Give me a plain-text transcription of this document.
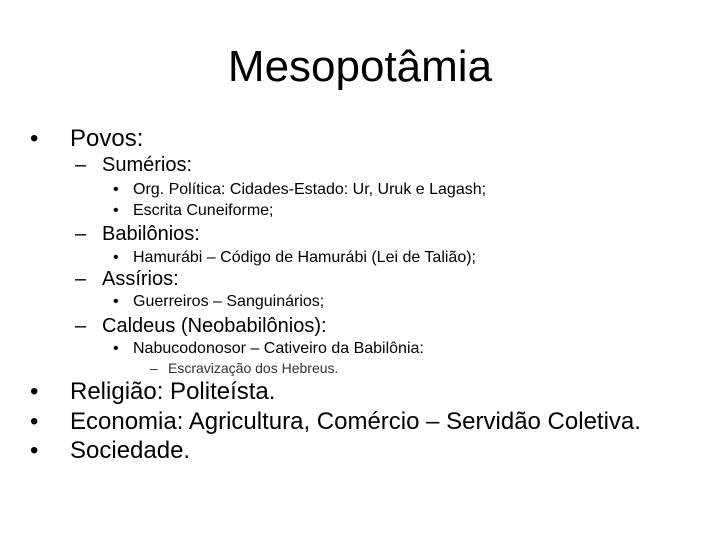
Mesopotâmia
• Povos:
– Sumérios:
• Org. Política: Cidades-Estado: Ur, Uruk e Lagash;
• Escrita Cuneiforme;
– Babilônios:
• Hamurábi – Código de Hamurábi (Lei de Talião);
– Assírios:
• Guerreiros – Sanguinários;
– Caldeus (Neobabilônios):
• Nabucodonosor – Cativeiro da Babilônia:
– Escravização dos Hebreus.
• Religião: Politeísta.
• Economia: Agricultura, Comércio – Servidão Coletiva.
• Sociedade.
